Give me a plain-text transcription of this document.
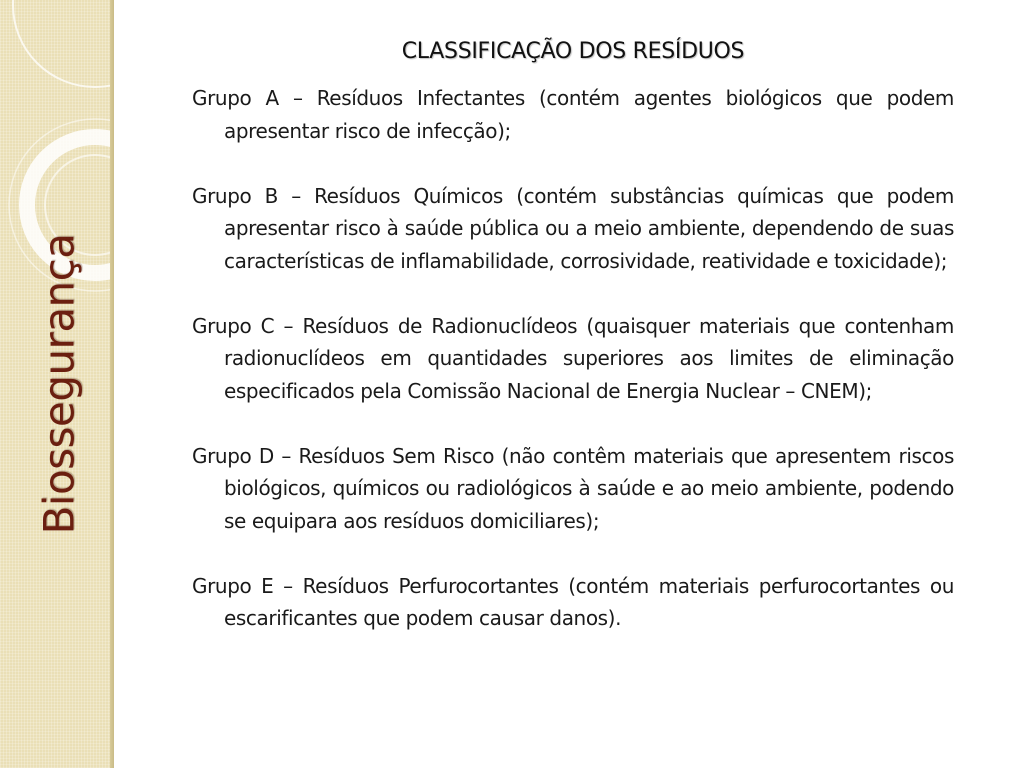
Biossegurança
CLASSIFICAÇÃO DOS RESÍDUOS
Grupo A – Resíduos Infectantes (contém agentes biológicos que podem apresentar risco de infecção);
Grupo B – Resíduos Químicos (contém substâncias químicas que podem apresentar risco à saúde pública ou a meio ambiente, dependendo de suas características de inflamabilidade, corrosividade, reatividade e toxicidade);
Grupo C – Resíduos de Radionuclídeos (quaisquer materiais que contenham radionuclídeos em quantidades superiores aos limites de eliminação especificados pela Comissão Nacional de Energia Nuclear – CNEM);
Grupo D – Resíduos Sem Risco (não contêm materiais que apresentem riscos biológicos, químicos ou radiológicos à saúde e ao meio ambiente, podendo se equipara aos resíduos domiciliares);
Grupo E – Resíduos Perfurocortantes (contém materiais perfurocortantes ou escarificantes que podem causar danos).
